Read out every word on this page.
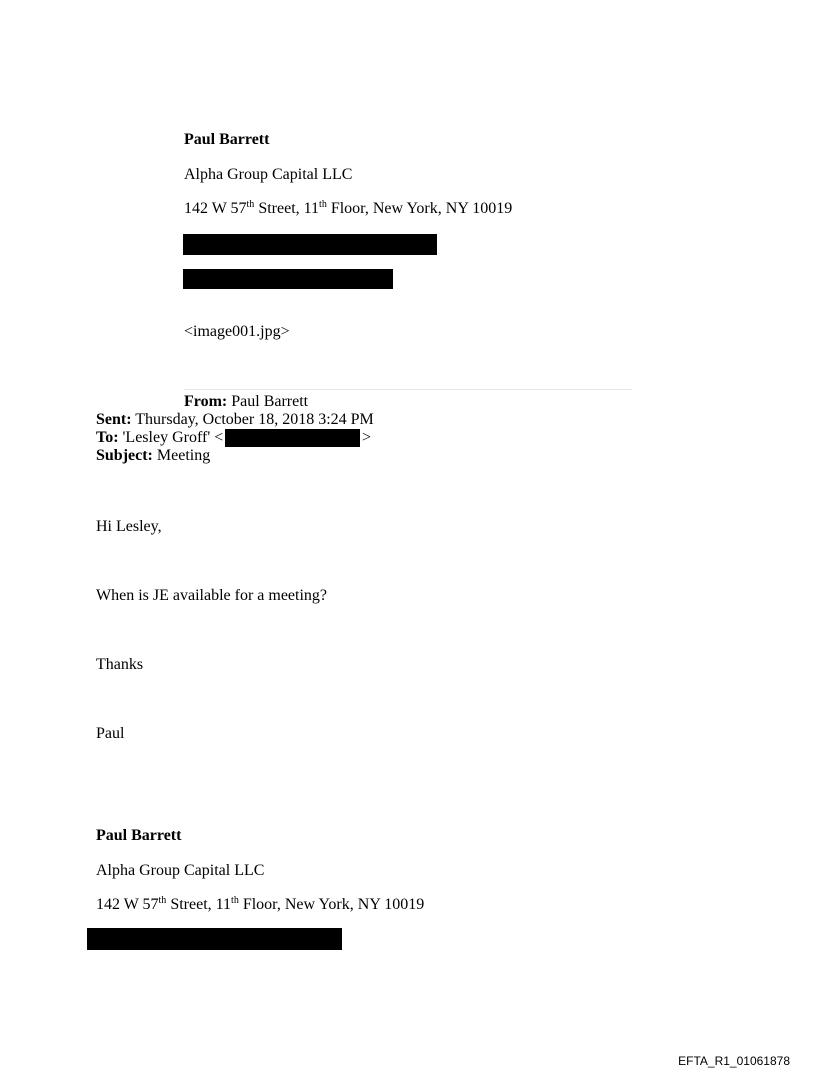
Paul Barrett
Alpha Group Capital LLC
142 W 57th Street, 11th Floor, New York, NY 10019
<image001.jpg>
From: Paul Barrett
Sent: Thursday, October 18, 2018 3:24 PM
To: 'Lesley Groff' <	>
Subject: Meeting
Hi Lesley,
When is JE available for a meeting?
Thanks
Paul
Paul Barrett
Alpha Group Capital LLC
142 W 57th Street, 11th Floor, New York, NY 10019
EFTA_R1_01061878
